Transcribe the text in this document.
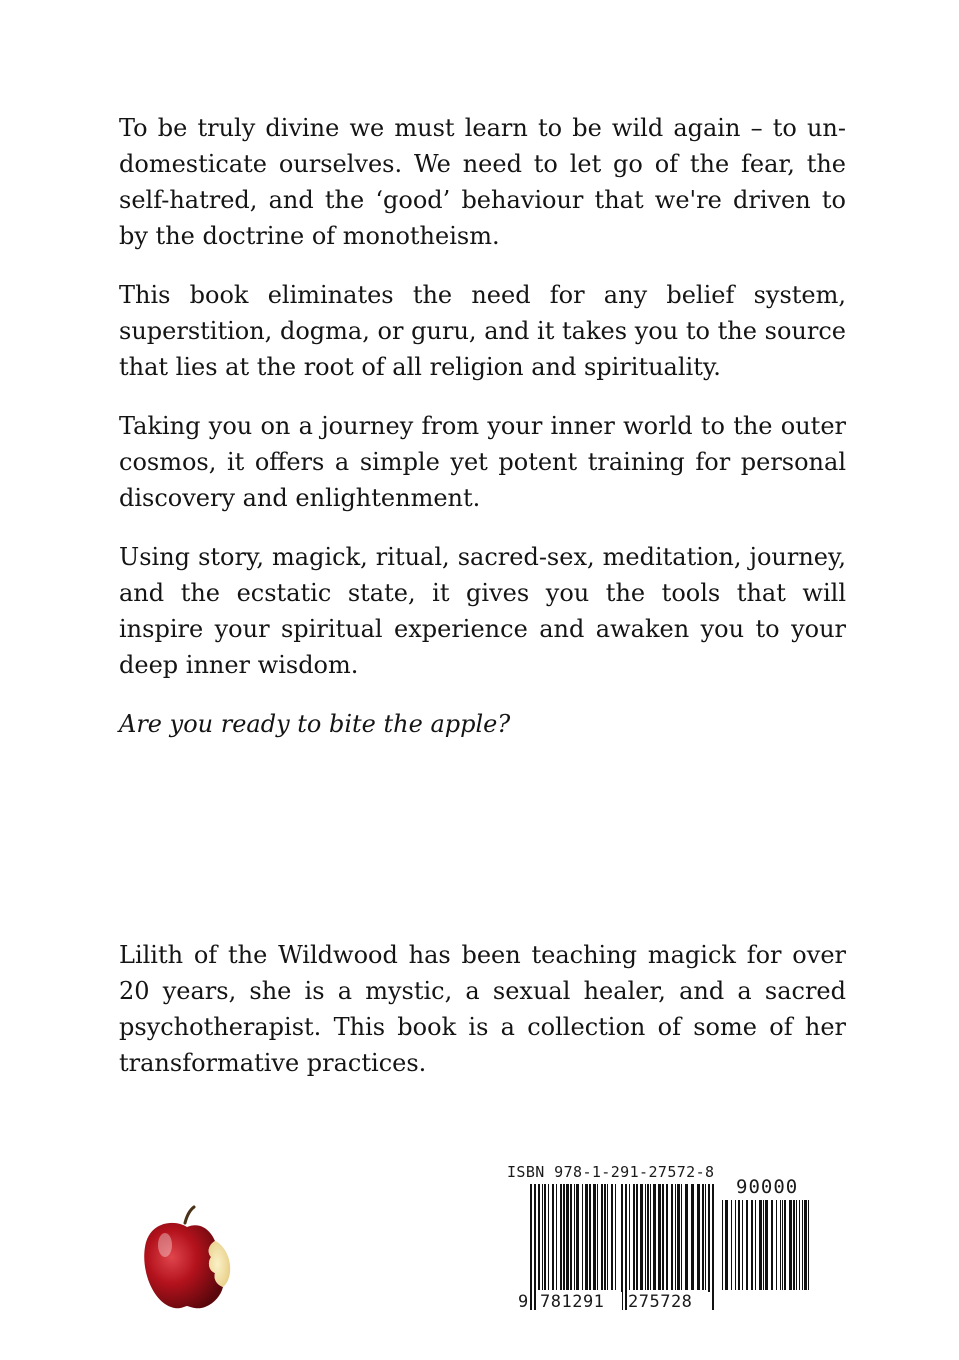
To be truly divine we must learn to be wild again – to un-domesticate ourselves. We need to let go of the fear, the self-hatred, and the ‘good’ behaviour that we're driven to by the doctrine of monotheism.

This book eliminates the need for any belief system, superstition, dogma, or guru, and it takes you to the source that lies at the root of all religion and spirituality.

Taking you on a journey from your inner world to the outer cosmos, it offers a simple yet potent training for personal discovery and enlightenment.

Using story, magick, ritual, sacred-sex, meditation, journey, and the ecstatic state, it gives you the tools that will inspire your spiritual experience and awaken you to your deep inner wisdom.

Are you ready to bite the apple?

Lilith of the Wildwood has been teaching magick for over 20 years, she is a mystic, a sexual healer, and a sacred psychotherapist. This book is a collection of some of her transformative practices.

ISBN 978-1-291-27572-8
90000
9 781291	275728
